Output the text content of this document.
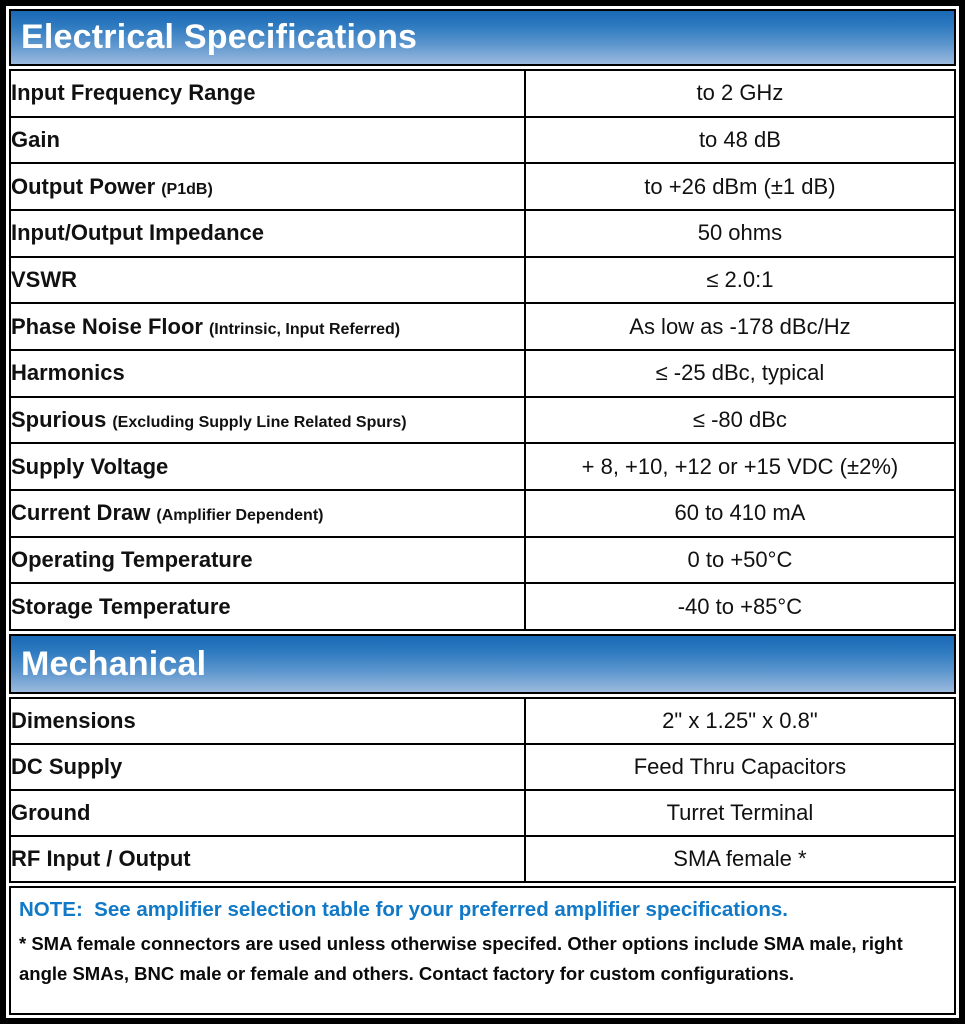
Electrical Specifications
Input Frequency Range	to 2 GHz
Gain	to 48 dB
Output Power (P1dB)	to +26 dBm (±1 dB)
Input/Output Impedance	50 ohms
VSWR	≤ 2.0:1
Phase Noise Floor (Intrinsic, Input Referred)	As low as -178 dBc/Hz
Harmonics	≤ -25 dBc, typical
Spurious (Excluding Supply Line Related Spurs)	≤ -80 dBc
Supply Voltage	+ 8, +10, +12 or +15 VDC (±2%)
Current Draw (Amplifier Dependent)	60 to 410 mA
Operating Temperature	0 to +50°C
Storage Temperature	-40 to +85°C
Mechanical
Dimensions	2" x 1.25" x 0.8"
DC Supply	Feed Thru Capacitors
Ground	Turret Terminal
RF Input / Output	SMA female *
NOTE:  See amplifier selection table for your preferred amplifier specifications.
* SMA female connectors are used unless otherwise specifed. Other options include SMA male, right angle SMAs, BNC male or female and others. Contact factory for custom configurations.
